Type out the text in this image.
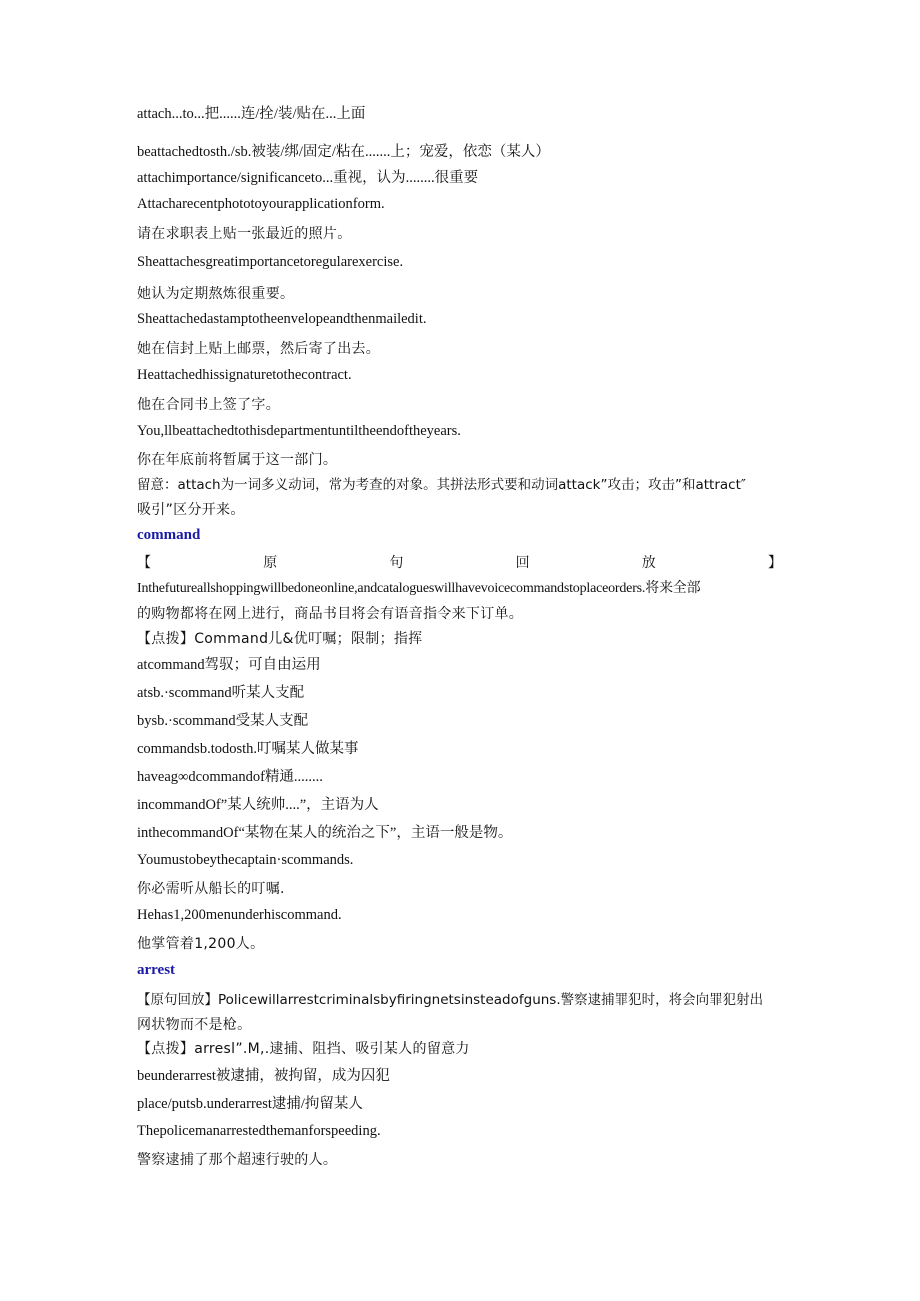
attach...to...把......连/拴/装/贴在...上面

beattachedtosth./sb.被装/绑/固定/粘在.......上；宠爱，依恋（某人）

attachimportance/significanceto...重视，认为........很重要

Attacharecentphototoyourapplicationform.

请在求职表上贴一张最近的照片。

Sheattachesgreatimportancetoregularexercise.

她认为定期熬炼很重要。

Sheattachedastamptotheenvelopeandthenmailedit.

她在信封上贴上邮票，然后寄了出去。

Heattachedhissignaturetothecontract.

他在合同书上签了字。

You,llbeattachedtothisdepartmentuntiltheendoftheyears.

你在年底前将暂属于这一部门。

留意：attach为一词多义动词，常为考查的对象。其拼法形式要和动词attack”攻击；攻击”和attract″

吸引”区分开来。

command

【	原	句	回	放	】

Inthefutureallshoppingwillbedoneonline,andcatalogueswillhavevoicecommandstoplaceorders.将来全部

的购物都将在网上进行，商品书目将会有语音指令来下订单。

【点拨】Command儿&优叮嘱；限制；指挥

atcommand驾驭；可自由运用

atsb.·scommand听某人支配

bysb.·scommand受某人支配

commandsb.todosth.叮嘱某人做某事

haveag∞dcommandof精通........

incommandOf”某人统帅....”，主语为人

inthecommandOf“某物在某人的统治之下”，主语一般是物。

Youmustobeythecaptain·scommands.

你必需听从船长的叮嘱.

Hehas1,200menunderhiscommand.

他掌管着1,200人。

arrest

【原句回放】Policewillarrestcriminalsbyfiringnetsinsteadofguns.警察逮捕罪犯时，将会向罪犯射出

网状物而不是枪。

【点拨】arresl”.M,.逮捕、阻挡、吸引某人的留意力

beunderarrest被逮捕，被拘留，成为囚犯

place/putsb.underarrest逮捕/拘留某人

Thepolicemanarrestedthemanforspeeding.

警察逮捕了那个超速行驶的人。
